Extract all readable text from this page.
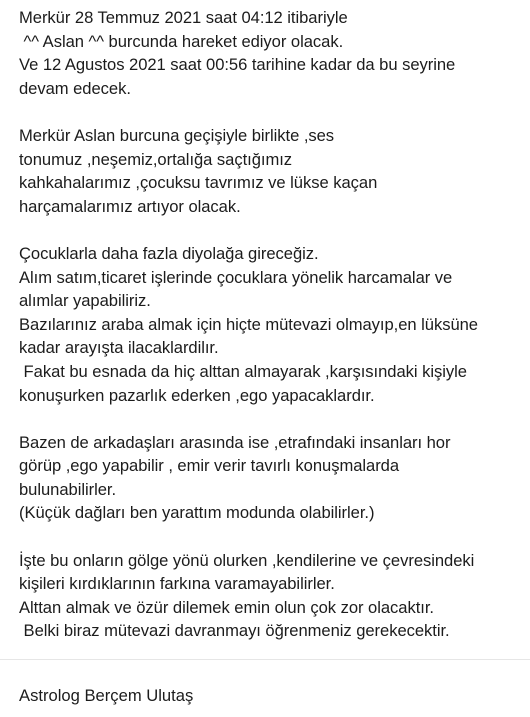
Merkür 28 Temmuz 2021 saat 04:12 itibariyle
^^ Aslan ^^ burcunda hareket ediyor olacak.
Ve 12 Agustos 2021 saat 00:56 tarihine kadar da bu seyrine
devam edecek.
Merkür Aslan burcuna geçişiyle birlikte ,ses
tonumuz ,neşemiz,ortalığa saçtığımız
kahkahalarımız ,çocuksu tavrımız ve lükse kaçan
harçamalarımız artıyor olacak.
Çocuklarla daha fazla diyolağa gireceğiz.
Alım satım,ticaret işlerinde çocuklara yönelik harcamalar ve
alımlar yapabiliriz.
Bazılarınız araba almak için hiçte mütevazi olmayıp,en lüksüne
kadar arayışta ilacaklardilır.
Fakat bu esnada da hiç alttan almayarak ,karşısındaki kişiyle
konuşurken pazarlık ederken ,ego yapacaklardır.
Bazen de arkadaşları arasında ise ,etrafındaki insanları hor
görüp ,ego yapabilir , emir verir tavırlı konuşmalarda
bulunabilirler.
(Küçük dağları ben yarattım modunda olabilirler.)
İşte bu onların gölge yönü olurken ,kendilerine ve çevresindeki
kişileri kırdıklarının farkına varamayabilirler.
Alttan almak ve özür dilemek emin olun çok zor olacaktır.
Belki biraz mütevazi davranmayı öğrenmeniz gerekecektir.
Astrolog Berçem Ulutaş
